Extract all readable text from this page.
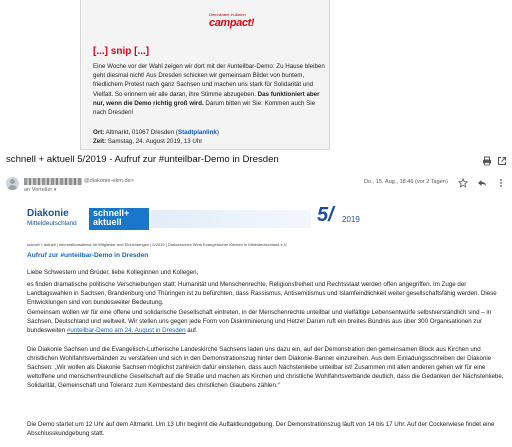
Demokratie in Aktion
campact!
[...] snip [...]
Eine Woche vor der Wahl zeigen wir dort mit der #unteilbar-Demo: Zu Hause bleiben geht diesmal nicht! Aus Dresden schicken wir gemeinsam Bilder von buntem, friedlichem Protest nach ganz Sachsen und machen uns stark für Solidarität und Vielfalt. So erinnern wir alle daran, ihre Stimme abzugeben. Das funktioniert aber nur, wenn die Demo richtig groß wird. Darum bitten wir Sie: Kommen auch Sie nach Dresden!
Ort: Altmarkt, 01067 Dresden (Stadtplanlink)
Zeit: Samstag, 24. August 2019, 13 Uhr
schnell + aktuell 5/2019 - Aufruf zur #unteilbar-Demo in Dresden
@diakonie-ekm.de>
an Verteiler ▾
Do., 15. Aug., 18:46 (vor 2 Tagen)
Diakonie
Mitteldeutschland
schnell+
aktuell	5/ 2019
schnell + aktuell | Informationsdienst für Mitglieder und Einrichtungen | 5/2019 | Diakonisches Werk Evangelischer Kirchen in Mitteldeutschland e.V.
Aufruf zur #unteilbar-Demo in Dresden
Liebe Schwestern und Brüder, liebe Kolleginnen und Kollegen,
es finden dramatische politische Verschiebungen statt: Humanität und Menschenrechte, Religionsfreiheit und Rechtsstaat werden offen angegriffen. Im Zuge der Landtagswahlen in Sachsen, Brandenburg und Thüringen ist zu befürchten, dass Rassismus, Antisemitismus und Islamfeindlichkeit weiter gesellschaftsfähig werden. Diese Entwicklungen sind von bundesweiter Bedeutung.
Gemeinsam wollen wir für eine offene und solidarische Gesellschaft eintreten, in der Menschenrechte unteilbar und vielfältige Lebensentwürfe selbstverständlich sind – in Sachsen, Deutschland und weltweit. Wir stellen uns gegen jede Form von Diskriminierung und Hetze! Darum ruft ein breites Bündnis aus über 300 Organisationen zur bundesweiten #unteilbar-Demo am 24. August in Dresden auf.
Die Diakonie Sachsen und die Evangelisch-Lutherische Landeskirche Sachsens laden uns dazu ein, auf der Demonstration den gemeinsamen Block aus Kirchen und christlichen Wohlfahrtsverbänden zu verstärken und sich in den Demonstrationszug hinter dem Diakonie-Banner einzureihen. Aus dem Einladungsschreiben der Diakonie Sachsen: „Wir wollen als Diakonie Sachsen möglichst zahlreich dafür einstehen, dass auch Nächstenliebe unteilbar ist! Zusammen mit allen anderen gehen wir für eine weltoffene und menschenfreundliche Gesellschaft auf die Straße und machen als Kirchen und christliche Wohlfahrtsverbände deutlich, dass die Gedanken der Nächstenliebe, Solidarität, Gemeinschaft und Toleranz zum Kernbestand des christlichen Glaubens zählen.“
Die Demo startet um 12 Uhr auf dem Altmarkt. Um 13 Uhr beginnt die Auftaktkundgebung. Der Demonstrationszug läuft von 14 bis 17 Uhr. Auf der Cockerwiese findet eine Abschlusskundgebung statt.
